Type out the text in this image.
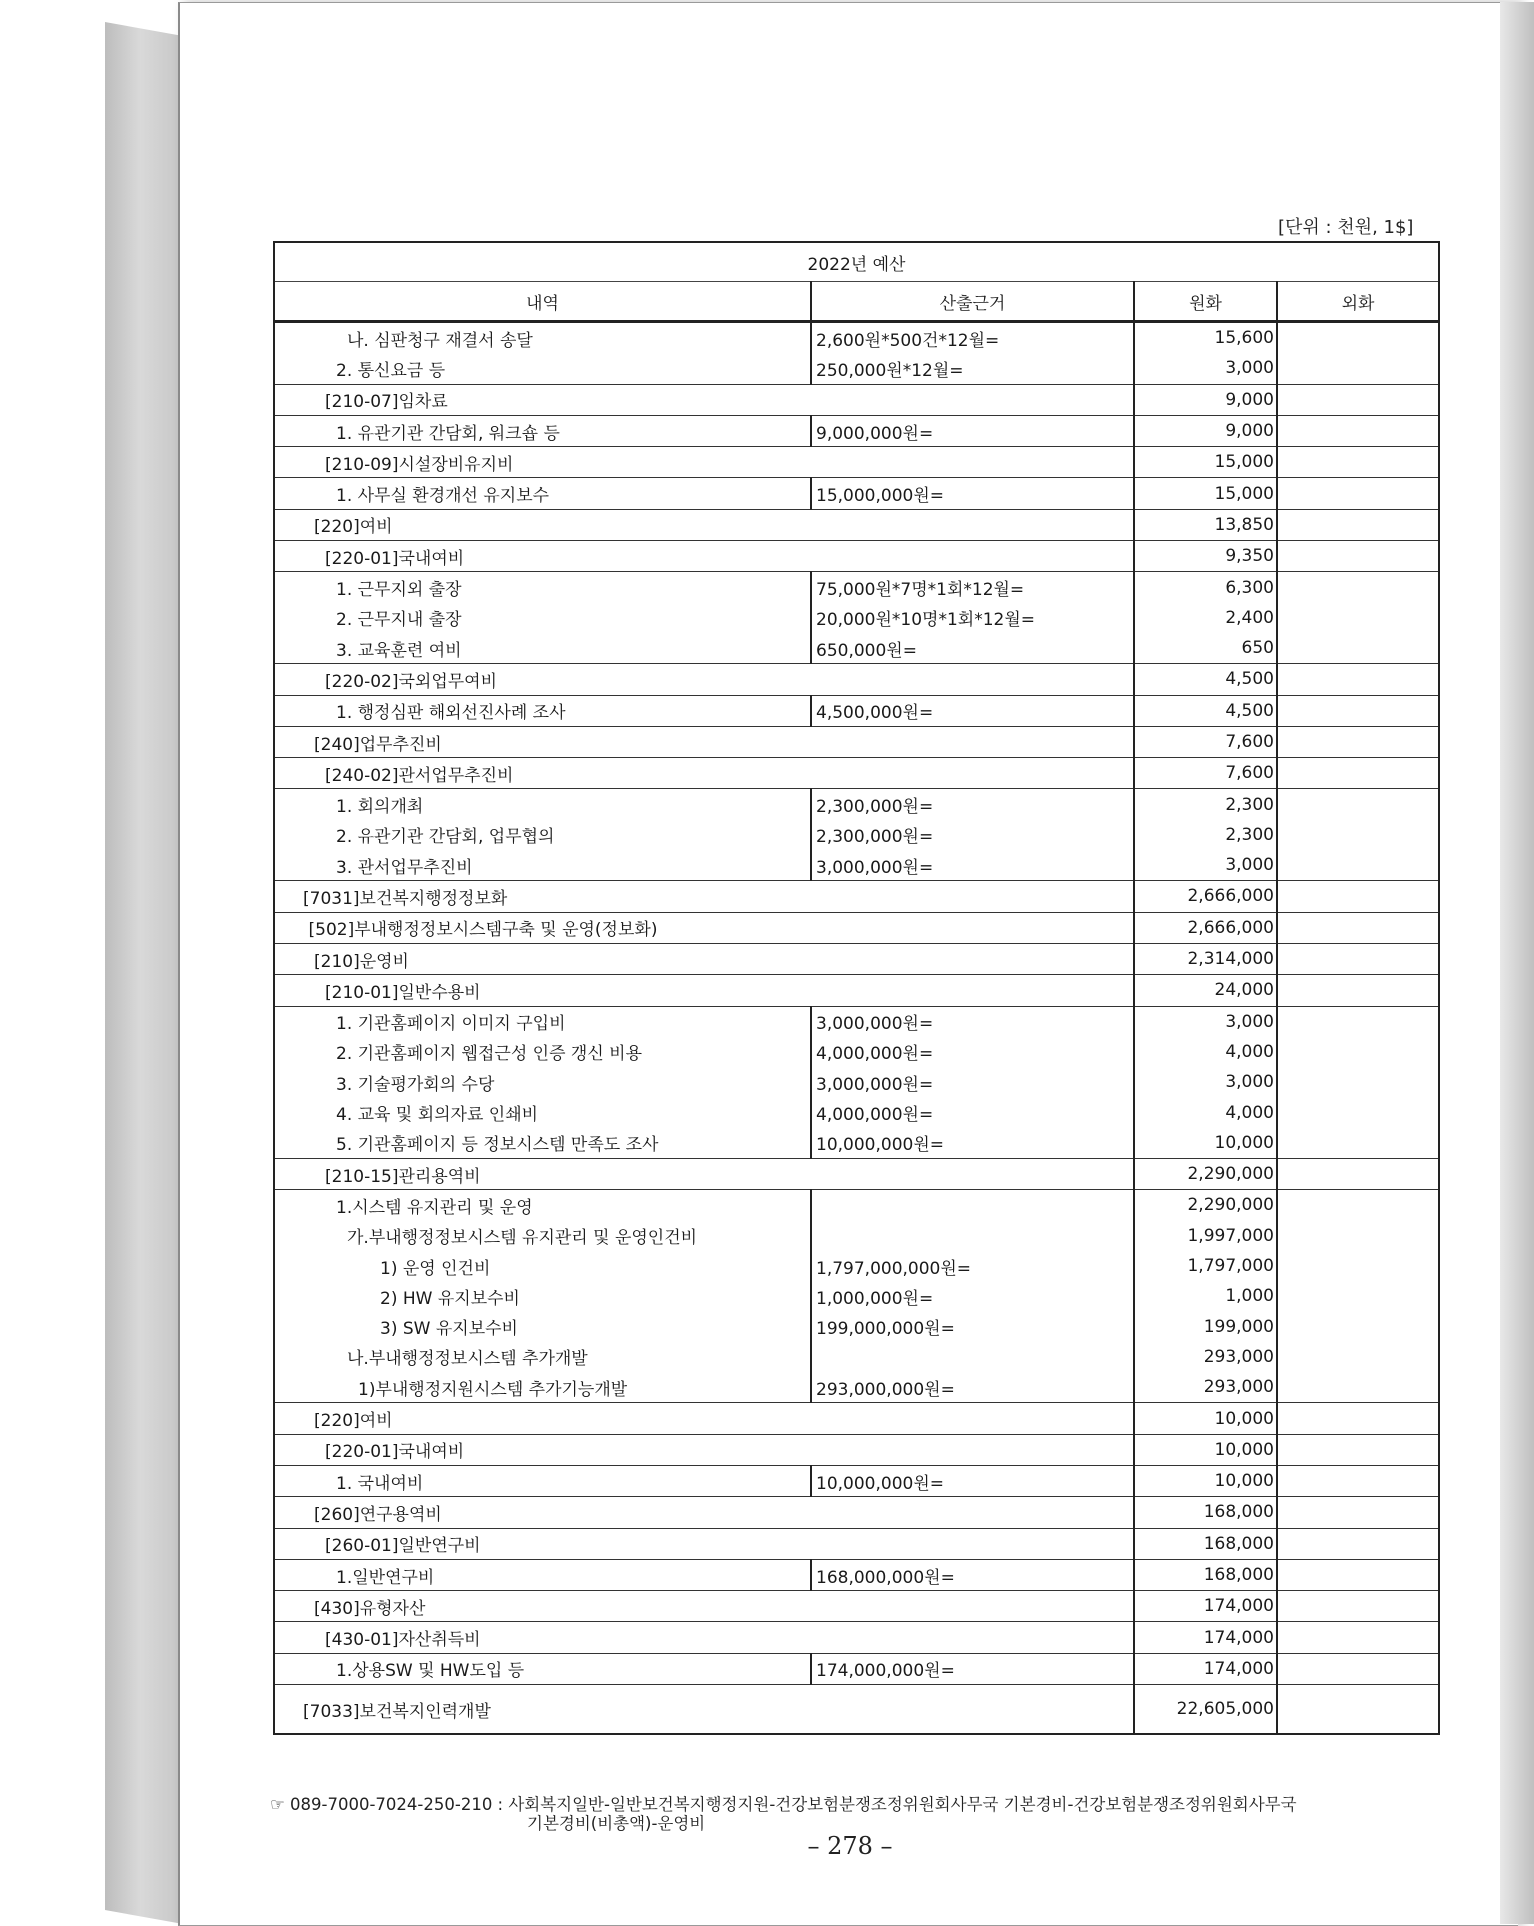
[단위 : 천원, 1$]
2022년 예산			
내역	산출근거	원화	외화
나. 심판청구 재결서 송달	2,600원*500건*12월=	15,600	
2. 통신요금 등	250,000원*12월=	3,000	
[210-07]임차료		9,000	
1. 유관기관 간담회, 워크숍 등	9,000,000원=	9,000	
[210-09]시설장비유지비		15,000	
1. 사무실 환경개선 유지보수	15,000,000원=	15,000	
[220]여비		13,850	
[220-01]국내여비		9,350	
1. 근무지외 출장	75,000원*7명*1회*12월=	6,300	
2. 근무지내 출장	20,000원*10명*1회*12월=	2,400	
3. 교육훈련 여비	650,000원=	650	
[220-02]국외업무여비		4,500	
1. 행정심판 해외선진사례 조사	4,500,000원=	4,500	
[240]업무추진비		7,600	
[240-02]관서업무추진비		7,600	
1. 회의개최	2,300,000원=	2,300	
2. 유관기관 간담회, 업무협의	2,300,000원=	2,300	
3. 관서업무추진비	3,000,000원=	3,000	
[7031]보건복지행정정보화		2,666,000	
[502]부내행정정보시스템구축 및 운영(정보화)		2,666,000	
[210]운영비		2,314,000	
[210-01]일반수용비		24,000	
1. 기관홈페이지 이미지 구입비	3,000,000원=	3,000	
2. 기관홈페이지 웹접근성 인증 갱신 비용	4,000,000원=	4,000	
3. 기술평가회의 수당	3,000,000원=	3,000	
4. 교육 및 회의자료 인쇄비	4,000,000원=	4,000	
5. 기관홈페이지 등 정보시스템 만족도 조사	10,000,000원=	10,000	
[210-15]관리용역비		2,290,000	
1.시스템 유지관리 및 운영		2,290,000	
가.부내행정정보시스템 유지관리 및 운영인건비		1,997,000	
1) 운영 인건비	1,797,000,000원=	1,797,000	
2) HW 유지보수비	1,000,000원=	1,000	
3) SW 유지보수비	199,000,000원=	199,000	
나.부내행정정보시스템 추가개발		293,000	
1)부내행정지원시스템 추가기능개발	293,000,000원=	293,000	
[220]여비		10,000	
[220-01]국내여비		10,000	
1. 국내여비	10,000,000원=	10,000	
[260]연구용역비		168,000	
[260-01]일반연구비		168,000	
1.일반연구비	168,000,000원=	168,000	
[430]유형자산		174,000	
[430-01]자산취득비		174,000	
1.상용SW 및 HW도입 등	174,000,000원=	174,000	
[7033]보건복지인력개발		22,605,000	
☞ 089-7000-7024-250-210 : 사회복지일반-일반보건복지행정지원-건강보험분쟁조정위원회사무국 기본경비-건강보험분쟁조정위원회사무국
기본경비(비총액)-운영비
– 278 –
